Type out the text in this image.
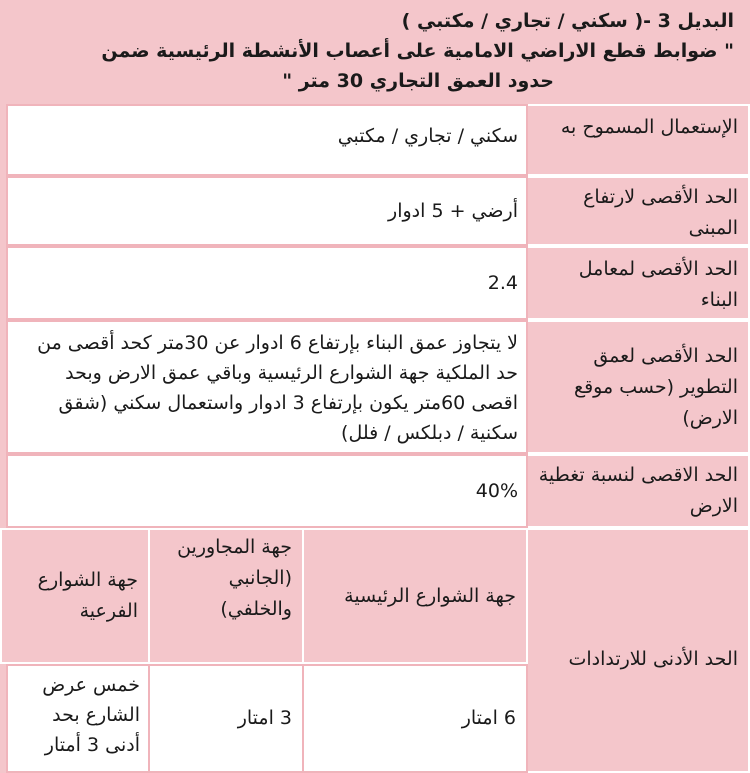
البديل 3 -( سكني / تجاري / مكتبي )
" ضوابط قطع الاراضي الامامية على أعصاب الأنشطة الرئيسية ضمن
حدود العمق التجاري 30 متر "
الإستعمال المسموح به
سكني / تجاري / مكتبي
الحد الأقصى لارتفاع المبنى
أرضي + 5 ادوار
الحد الأقصى لمعامل البناء
2.4
الحد الأقصى لعمق التطوير (حسب موقع الارض)
لا يتجاوز عمق البناء بإرتفاع 6 ادوار عن 30متر كحد أقصى من حد الملكية جهة الشوارع الرئيسية وباقي عمق الارض وبحد اقصى 60متر يكون بإرتفاع 3 ادوار واستعمال سكني (شقق سكنية / دبلكس / فلل)
الحد الاقصى لنسبة تغطية الارض
40%
الحد الأدنى للارتدادات
جهة الشوارع الرئيسية
جهة المجاورين (الجانبي والخلفي)
جهة الشوارع الفرعية
6 امتار
3 امتار
خمس عرض الشارع بحد أدنى 3 أمتار
